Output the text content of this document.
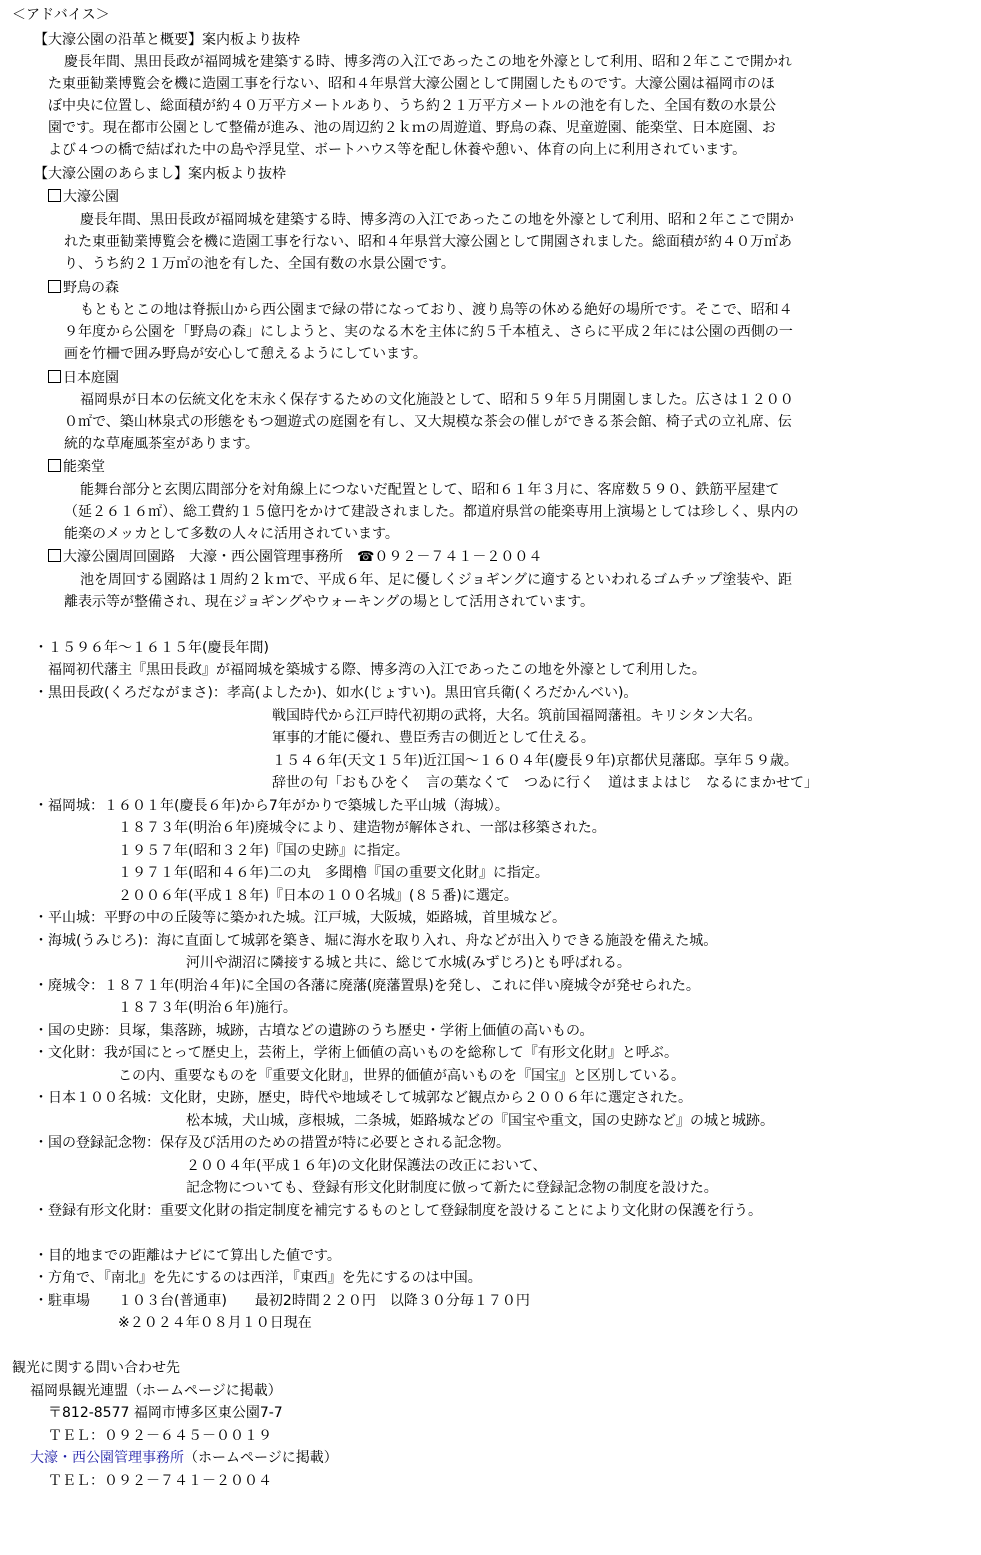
＜アドバイス＞
【大濠公園の沿革と概要】案内板より抜枠
慶長年間、黒田長政が福岡城を建築する時、博多湾の入江であったこの地を外濠として利用、昭和２年ここで開かれ
た東亜勧業博覧会を機に造園工事を行ない、昭和４年県営大濠公園として開園したものです。大濠公園は福岡市のほ
ぼ中央に位置し、総面積が約４０万平方メートルあり、うち約２１万平方メートルの池を有した、全国有数の水景公
園です。現在都市公園として整備が進み、池の周辺約２ｋｍの周遊道、野鳥の森、児童遊園、能楽堂、日本庭園、お
よび４つの橋で結ばれた中の島や浮見堂、ボートハウス等を配し休養や憩い、体育の向上に利用されています。
【大濠公園のあらまし】案内板より抜枠
大濠公園
慶長年間、黒田長政が福岡城を建築する時、博多湾の入江であったこの地を外濠として利用、昭和２年ここで開か
れた東亜勧業博覧会を機に造園工事を行ない、昭和４年県営大濠公園として開園されました。総面積が約４０万㎡あ
り、うち約２１万㎡の池を有した、全国有数の水景公園です。
野鳥の森
もともとこの地は脊振山から西公園まで緑の帯になっており、渡り鳥等の休める絶好の場所です。そこで、昭和４
９年度から公園を「野鳥の森」にしようと、実のなる木を主体に約５千本植え、さらに平成２年には公園の西側の一
画を竹柵で囲み野鳥が安心して憩えるようにしています。
日本庭園
福岡県が日本の伝統文化を末永く保存するための文化施設として、昭和５９年５月開園しました。広さは１２００
０㎡で、築山林泉式の形態をもつ廻遊式の庭園を有し、又大規模な茶会の催しができる茶会館、椅子式の立礼席、伝
統的な草庵風茶室があります。
能楽堂
能舞台部分と玄関広間部分を対角線上につないだ配置として、昭和６１年３月に、客席数５９０、鉄筋平屋建て
（延２６１６㎡）、総工費約１５億円をかけて建設されました。都道府県営の能楽専用上演場としては珍しく、県内の
能楽のメッカとして多数の人々に活用されています。
大濠公園周回園路　大濠・西公園管理事務所　☎０９２－７４１－２００４
池を周回する園路は１周約２ｋｍで、平成６年、足に優しくジョギングに適するといわれるゴムチップ塗装や、距
離表示等が整備され、現在ジョギングやウォーキングの場として活用されています。
・１５９６年～１６１５年(慶長年間)
福岡初代藩主『黒田長政』が福岡城を築城する際、博多湾の入江であったこの地を外濠として利用した。
・黒田長政(くろだながまさ)：孝高(よしたか)、如水(じょすい)。黒田官兵衛(くろだかんべい)。
戦国時代から江戸時代初期の武将，大名。筑前国福岡藩祖。キリシタン大名。
軍事的才能に優れ、豊臣秀吉の側近として仕える。
１５４６年(天文１５年)近江国～１６０４年(慶長９年)京都伏見藩邸。享年５９歳。
辞世の句「おもひをく　言の葉なくて　つゐに行く　道はまよはじ　なるにまかせて」
・福岡城：１６０１年(慶長６年)から7年がかりで築城した平山城（海城）。
１８７３年(明治６年)廃城令により、建造物が解体され、一部は移築された。
１９５７年(昭和３２年)『国の史跡』に指定。
１９７１年(昭和４６年)二の丸　多聞櫓『国の重要文化財』に指定。
２００６年(平成１８年)『日本の１００名城』(８５番)に選定。
・平山城：平野の中の丘陵等に築かれた城。江戸城，大阪城，姫路城，首里城など。
・海城(うみじろ)：海に直面して城郭を築き、堀に海水を取り入れ、舟などが出入りできる施設を備えた城。
河川や湖沼に隣接する城と共に、総じて水城(みずじろ)とも呼ばれる。
・廃城令：１８７１年(明治４年)に全国の各藩に廃藩(廃藩置県)を発し、これに伴い廃城令が発せられた。
１８７３年(明治６年)施行。
・国の史跡：貝塚，集落跡，城跡，古墳などの遺跡のうち歴史・学術上価値の高いもの。
・文化財：我が国にとって歴史上，芸術上，学術上価値の高いものを総称して『有形文化財』と呼ぶ。
この内、重要なものを『重要文化財』，世界的価値が高いものを『国宝』と区別している。
・日本１００名城：文化財，史跡，歴史，時代や地域そして城郭など観点から２００６年に選定された。
松本城，犬山城，彦根城，二条城，姫路城などの『国宝や重文，国の史跡など』の城と城跡。
・国の登録記念物：保存及び活用のための措置が特に必要とされる記念物。
２００４年(平成１６年)の文化財保護法の改正において、
記念物についても、登録有形文化財制度に倣って新たに登録記念物の制度を設けた。
・登録有形文化財：重要文化財の指定制度を補完するものとして登録制度を設けることにより文化財の保護を行う。
・目的地までの距離はナビにて算出した値です。
・方角で、『南北』を先にするのは西洋，『東西』を先にするのは中国。
・駐車場　　１０３台(普通車)　　最初2時間２２０円　以降３０分毎１７０円
※２０２４年０８月１０日現在
観光に関する問い合わせ先
福岡県観光連盟（ホームページに掲載）
〒812-8577 福岡市博多区東公園7-7
ＴＥＬ：０９２－６４５－００１９
大濠・西公園管理事務所（ホームページに掲載）
ＴＥＬ：０９２－７４１－２００４
